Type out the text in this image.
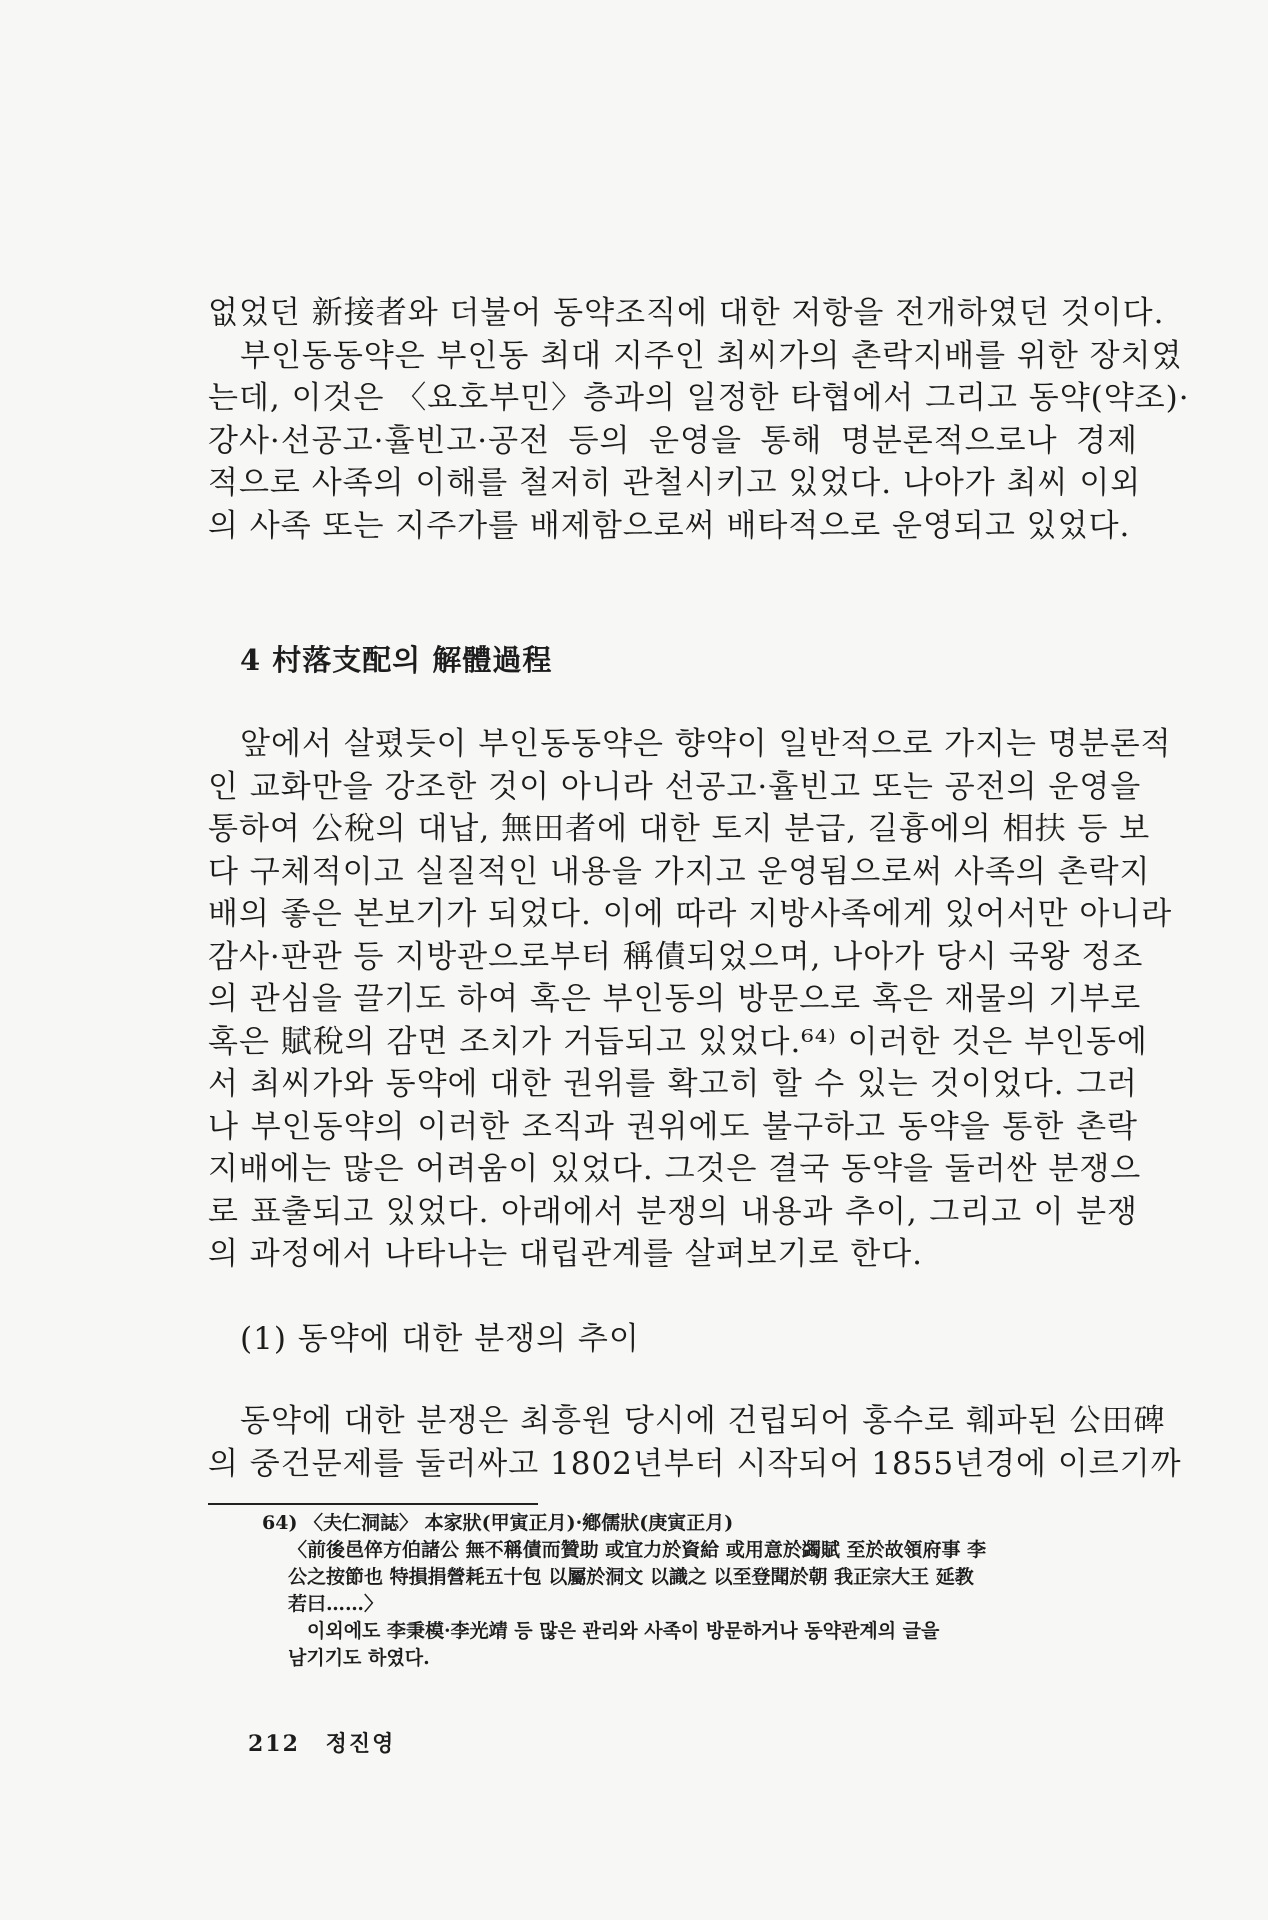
없었던 新接者와 더불어 동약조직에 대한 저항을 전개하였던 것이다.

　부인동동약은 부인동 최대 지주인 최씨가의 촌락지배를 위한 장치였

는데, 이것은 〈요호부민〉층과의 일정한 타협에서 그리고 동약(약조)·

강사·선공고·휼빈고·공전 등의 운영을 통해 명분론적으로나 경제

적으로 사족의 이해를 철저히 관철시키고 있었다. 나아가 최씨 이외

의 사족 또는 지주가를 배제함으로써 배타적으로 운영되고 있었다.

4 村落支配의 解體過程

　앞에서 살폈듯이 부인동동약은 향약이 일반적으로 가지는 명분론적

인 교화만을 강조한 것이 아니라 선공고·휼빈고 또는 공전의 운영을

통하여 公稅의 대납, 無田者에 대한 토지 분급, 길흉에의 相扶 등 보

다 구체적이고 실질적인 내용을 가지고 운영됨으로써 사족의 촌락지

배의 좋은 본보기가 되었다. 이에 따라 지방사족에게 있어서만 아니라

감사·판관 등 지방관으로부터 稱債되었으며, 나아가 당시 국왕 정조

의 관심을 끌기도 하여 혹은 부인동의 방문으로 혹은 재물의 기부로

혹은 賦稅의 감면 조치가 거듭되고 있었다.⁶⁴⁾ 이러한 것은 부인동에

서 최씨가와 동약에 대한 권위를 확고히 할 수 있는 것이었다. 그러

나 부인동약의 이러한 조직과 권위에도 불구하고 동약을 통한 촌락

지배에는 많은 어려움이 있었다. 그것은 결국 동약을 둘러싼 분쟁으

로 표출되고 있었다. 아래에서 분쟁의 내용과 추이, 그리고 이 분쟁

의 과정에서 나타나는 대립관계를 살펴보기로 한다.

(1) 동약에 대한 분쟁의 추이

　동약에 대한 분쟁은 최흥원 당시에 건립되어 홍수로 훼파된 公田碑

의 중건문제를 둘러싸고 1802년부터 시작되어 1855년경에 이르기까

64) 〈夫仁洞誌〉 本家狀(甲寅正月)·鄕儒狀(庚寅正月)

〈前後邑倅方伯諸公 無不稱債而贊助 或宜力於資給 或用意於蠲賦 至於故領府事 李

公之按節也 特損捐營耗五十包 以屬於洞文 以識之 以至登聞於朝 我正宗大王 延教

若曰……〉

　이외에도 李秉模·李光靖 등 많은 관리와 사족이 방문하거나 동약관계의 글을

남기기도 하였다.

212 정진영
